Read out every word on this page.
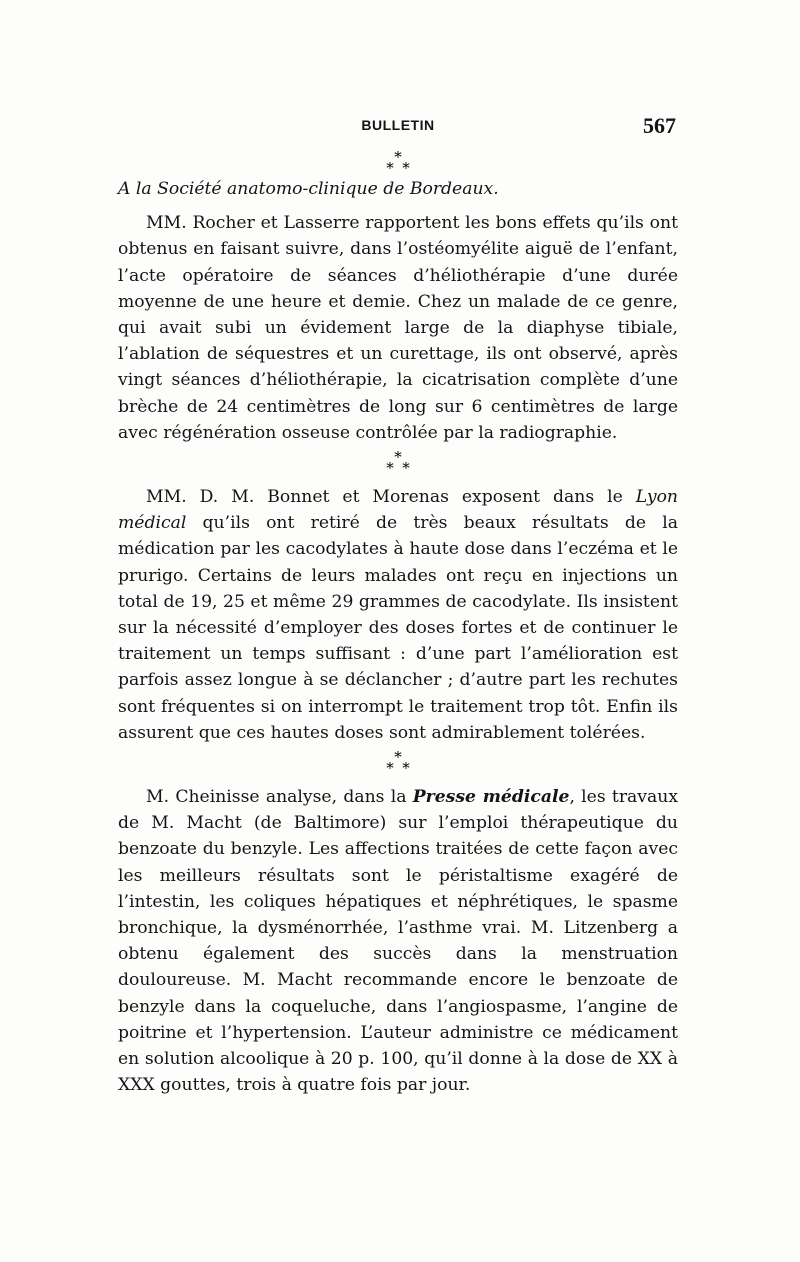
BULLETIN	567
*
* *

A la Société anatomo-clinique de Bordeaux.

MM. Rocher et Lasserre rapportent les bons effets qu’ils ont obtenus en faisant suivre, dans l’ostéomyélite aiguë de l’enfant, l’acte opératoire de séances d’héliothérapie d’une durée moyenne de une heure et demie. Chez un malade de ce genre, qui avait subi un évidement large de la diaphyse tibiale, l’ablation de séquestres et un curettage, ils ont observé, après vingt séances d’héliothérapie, la cicatrisation complète d’une brèche de 24 centimètres de long sur 6 centimètres de large avec régénération osseuse contrôlée par la radiographie.

*
* *

MM. D. M. Bonnet et Morenas exposent dans le Lyon médical qu’ils ont retiré de très beaux résultats de la médication par les cacodylates à haute dose dans l’eczéma et le prurigo. Certains de leurs malades ont reçu en injections un total de 19, 25 et même 29 grammes de cacodylate. Ils insistent sur la nécessité d’employer des doses fortes et de continuer le traitement un temps suffisant : d’une part l’amélioration est parfois assez longue à se déclancher ; d’autre part les rechutes sont fréquentes si on interrompt le traitement trop tôt. Enfin ils assurent que ces hautes doses sont admirablement tolérées.

*
* *

M. Cheinisse analyse, dans la Presse médicale, les travaux de M. Macht (de Baltimore) sur l’emploi thérapeutique du benzoate du benzyle. Les affections traitées de cette façon avec les meilleurs résultats sont le péristaltisme exagéré de l’intestin, les coliques hépatiques et néphrétiques, le spasme bronchique, la dysménorrhée, l’asthme vrai. M. Litzenberg a obtenu également des succès dans la menstruation douloureuse. M. Macht recommande encore le benzoate de benzyle dans la coqueluche, dans l’angiospasme, l’angine de poitrine et l’hypertension. L’auteur administre ce médicament en solution alcoolique à 20 p. 100, qu’il donne à la dose de XX à XXX gouttes, trois à quatre fois par jour.
